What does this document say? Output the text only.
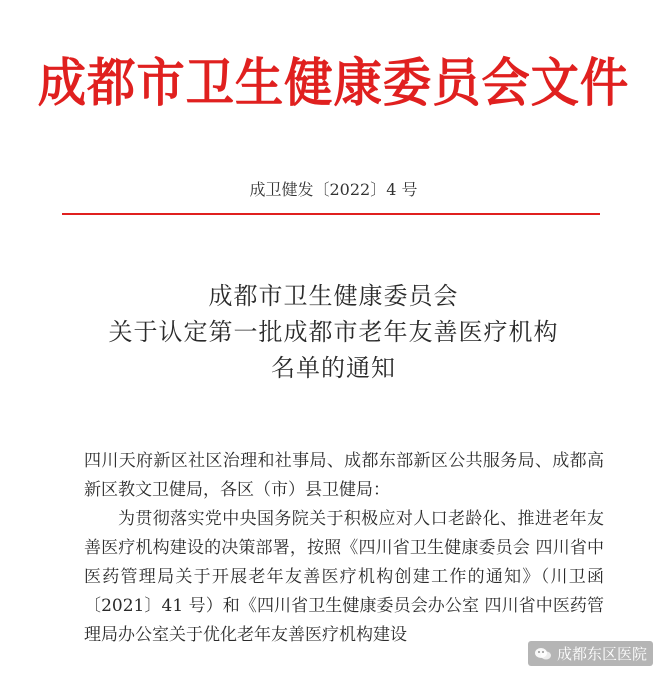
成都市卫生健康委员会文件
成卫健发〔2022〕4 号
成都市卫生健康委员会
关于认定第一批成都市老年友善医疗机构
名单的通知

四川天府新区社区治理和社事局、成都东部新区公共服务局、成都高新区教文卫健局，各区（市）县卫健局：

为贯彻落实党中央国务院关于积极应对人口老龄化、推进老年友善医疗机构建设的决策部署，按照《四川省卫生健康委员会 四川省中医药管理局关于开展老年友善医疗机构创建工作的通知》（川卫函〔2021〕41 号）和《四川省卫生健康委员会办公室 四川省中医药管理局办公室关于优化老年友善医疗机构建设

成都东区医院
